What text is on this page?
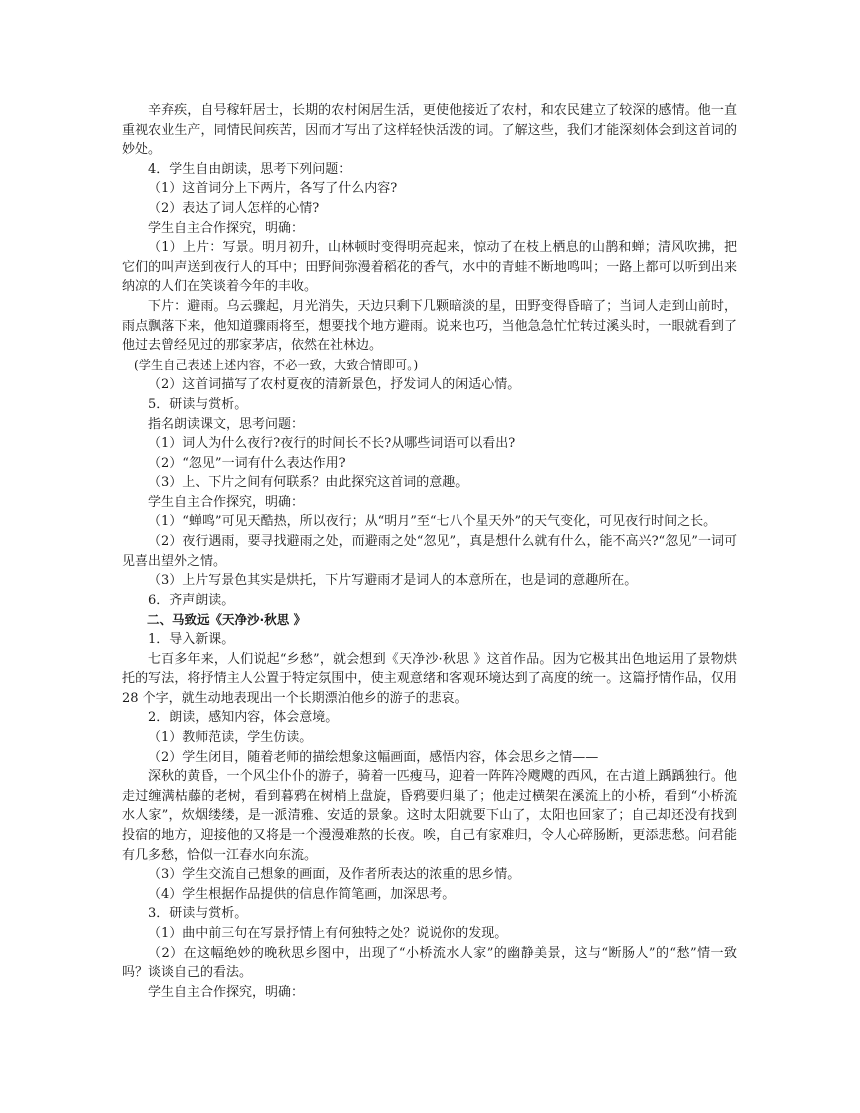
辛弃疾，自号稼轩居士，长期的农村闲居生活，更使他接近了农村，和农民建立了较深的感情。他一直重视农业生产，同情民间疾苦，因而才写出了这样轻快活泼的词。了解这些，我们才能深刻体会到这首词的妙处。

4．学生自由朗读，思考下列问题：

（1）这首词分上下两片，各写了什么内容?

（2）表达了词人怎样的心情?

学生自主合作探究，明确：

（1）上片：写景。明月初升，山林顿时变得明亮起来，惊动了在枝上栖息的山鹊和蝉；清风吹拂，把它们的叫声送到夜行人的耳中；田野间弥漫着稻花的香气，水中的青蛙不断地鸣叫；一路上都可以听到出来纳凉的人们在笑谈着今年的丰收。

下片：避雨。乌云骤起，月光消失，天边只剩下几颗暗淡的星，田野变得昏暗了；当词人走到山前时，雨点飘落下来，他知道骤雨将至，想要找个地方避雨。说来也巧，当他急急忙忙转过溪头时，一眼就看到了他过去曾经见过的那家茅店，依然在社林边。

(学生自己表述上述内容，不必一致，大致合情即可。)

（2）这首词描写了农村夏夜的清新景色，抒发词人的闲适心情。

5．研读与赏析。

指名朗读课文，思考问题：

（1）词人为什么夜行?夜行的时间长不长?从哪些词语可以看出?

（2）“忽见”一词有什么表达作用?

（3）上、下片之间有何联系？由此探究这首词的意趣。

学生自主合作探究，明确：

（1）“蝉鸣”可见天酷热，所以夜行；从“明月”至“七八个星天外”的天气变化，可见夜行时间之长。

（2）夜行遇雨，要寻找避雨之处，而避雨之处“忽见”，真是想什么就有什么，能不高兴?“忽见”一词可见喜出望外之情。

（3）上片写景色其实是烘托，下片写避雨才是词人的本意所在，也是词的意趣所在。

6．齐声朗读。

二、马致远《天净沙·秋思 》

1．导入新课。

七百多年来，人们说起“乡愁”，就会想到《天净沙·秋思 》这首作品。因为它极其出色地运用了景物烘托的写法，将抒情主人公置于特定氛围中，使主观意绪和客观环境达到了高度的统一。这篇抒情作品，仅用 28 个字，就生动地表现出一个长期漂泊他乡的游子的悲哀。

2．朗读，感知内容，体会意境。

（1）教师范读，学生仿读。

（2）学生闭目，随着老师的描绘想象这幅画面，感悟内容，体会思乡之情——

深秋的黄昏，一个风尘仆仆的游子，骑着一匹瘦马，迎着一阵阵冷飕飕的西风，在古道上踽踽独行。他走过缠满枯藤的老树，看到暮鸦在树梢上盘旋，昏鸦要归巢了；他走过横架在溪流上的小桥，看到“小桥流水人家”，炊烟缕缕，是一派清雅、安适的景象。这时太阳就要下山了，太阳也回家了；自己却还没有找到投宿的地方，迎接他的又将是一个漫漫难熬的长夜。唉，自己有家难归，令人心碎肠断，更添悲愁。问君能有几多愁，恰似一江春水向东流。

（3）学生交流自己想象的画面，及作者所表达的浓重的思乡情。

（4）学生根据作品提供的信息作简笔画，加深思考。

3．研读与赏析。

（1）曲中前三句在写景抒情上有何独特之处？说说你的发现。

（2）在这幅绝妙的晚秋思乡图中，出现了“小桥流水人家”的幽静美景，这与“断肠人”的“愁”情一致吗？谈谈自己的看法。

学生自主合作探究，明确：
